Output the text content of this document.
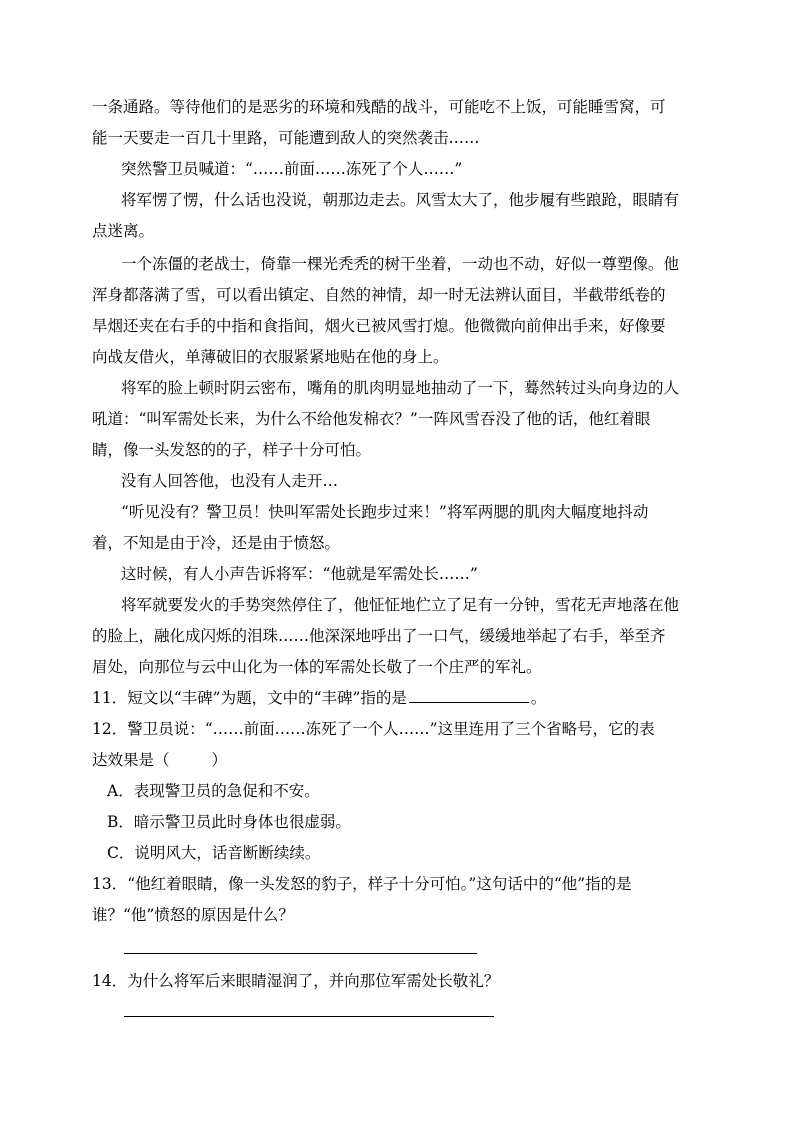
一条通路。等待他们的是恶劣的环境和残酷的战斗，可能吃不上饭，可能睡雪窝，可
能一天要走一百几十里路，可能遭到敌人的突然袭击……
突然警卫员喊道：“……前面……冻死了个人……”
将军愣了愣，什么话也没说，朝那边走去。风雪太大了，他步履有些踉跄，眼睛有
点迷离。
一个冻僵的老战士，倚靠一棵光秃秃的树干坐着，一动也不动，好似一尊塑像。他
浑身都落满了雪，可以看出镇定、自然的神情，却一时无法辨认面目，半截带纸卷的
旱烟还夹在右手的中指和食指间，烟火已被风雪打熄。他微微向前伸出手来，好像要
向战友借火，单薄破旧的衣服紧紧地贴在他的身上。
将军的脸上顿时阴云密布，嘴角的肌肉明显地抽动了一下，蓦然转过头向身边的人
吼道：“叫军需处长来，为什么不给他发棉衣？”一阵风雪吞没了他的话，他红着眼
睛，像一头发怒的的子，样子十分可怕。
没有人回答他，也没有人走开…
“听见没有？警卫员！快叫军需处长跑步过来！”将军两腮的肌肉大幅度地抖动
着，不知是由于冷，还是由于愤怒。
这时候，有人小声告诉将军：“他就是军需处长……”
将军就要发火的手势突然停住了，他怔怔地伫立了足有一分钟，雪花无声地落在他
的脸上，融化成闪烁的泪珠……他深深地呼出了一口气，缓缓地举起了右手，举至齐
眉处，向那位与云中山化为一体的军需处长敬了一个庄严的军礼。
11．短文以“丰碑”为题，文中的“丰碑”指的是	。
12．警卫员说：“……前面……冻死了一个人……”这里连用了三个省略号，它的表
达效果是（	）
A．表现警卫员的急促和不安。
B．暗示警卫员此时身体也很虚弱。
C．说明风大，话音断断续续。
13．“他红着眼睛，像一头发怒的豹子，样子十分可怕。”这句话中的“他”指的是
谁？“他”愤怒的原因是什么？
14．为什么将军后来眼睛湿润了，并向那位军需处长敬礼？
